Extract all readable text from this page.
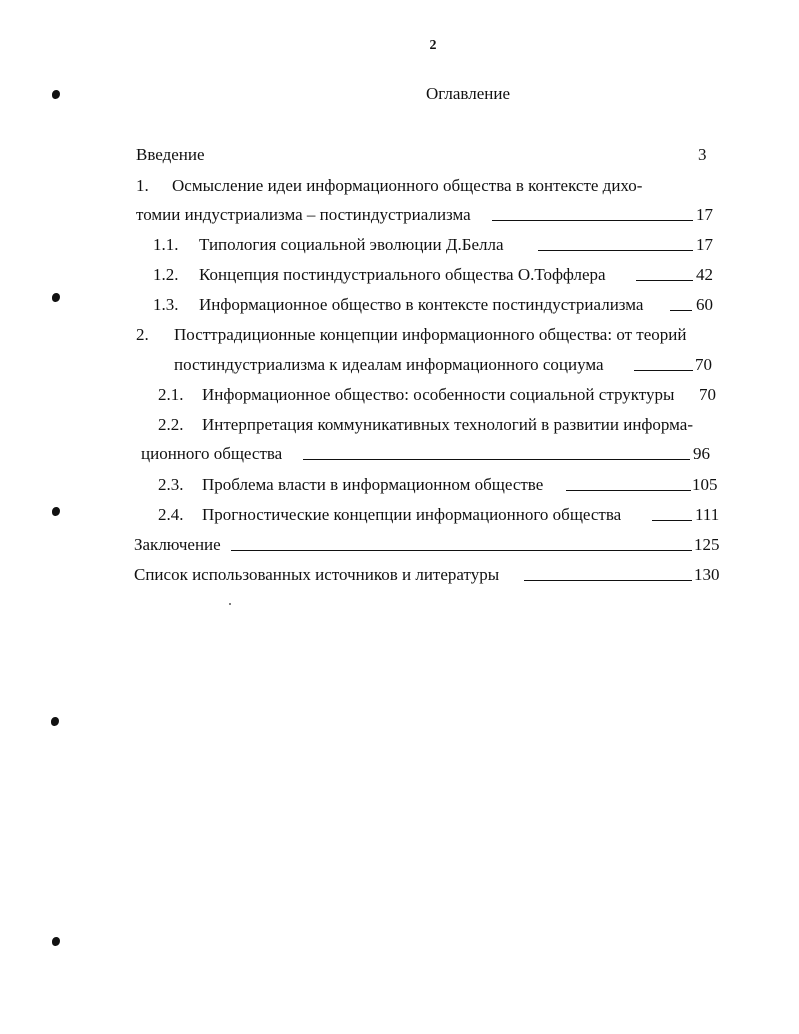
2
Оглавление
Введение	3
1. Осмысление идеи информационного общества в контексте дихо-
томии индустриализма – постиндустриализма	17
1.1. Типология социальной эволюции Д.Белла	17
1.2. Концепция постиндустриального общества О.Тоффлера	42
1.3. Информационное общество в контексте постиндустриализма	60
2. Посттрадиционные концепции информационного общества: от теорий
постиндустриализма к идеалам информационного социума	70
2.1. Информационное общество: особенности социальной структуры 70
2.2. Интерпретация коммуникативных технологий в развитии информа-
ционного общества	96
2.3. Проблема власти в информационном обществе	105
2.4. Прогностические концепции информационного общества	111
Заключение	125
Список использованных источников и литературы	130
